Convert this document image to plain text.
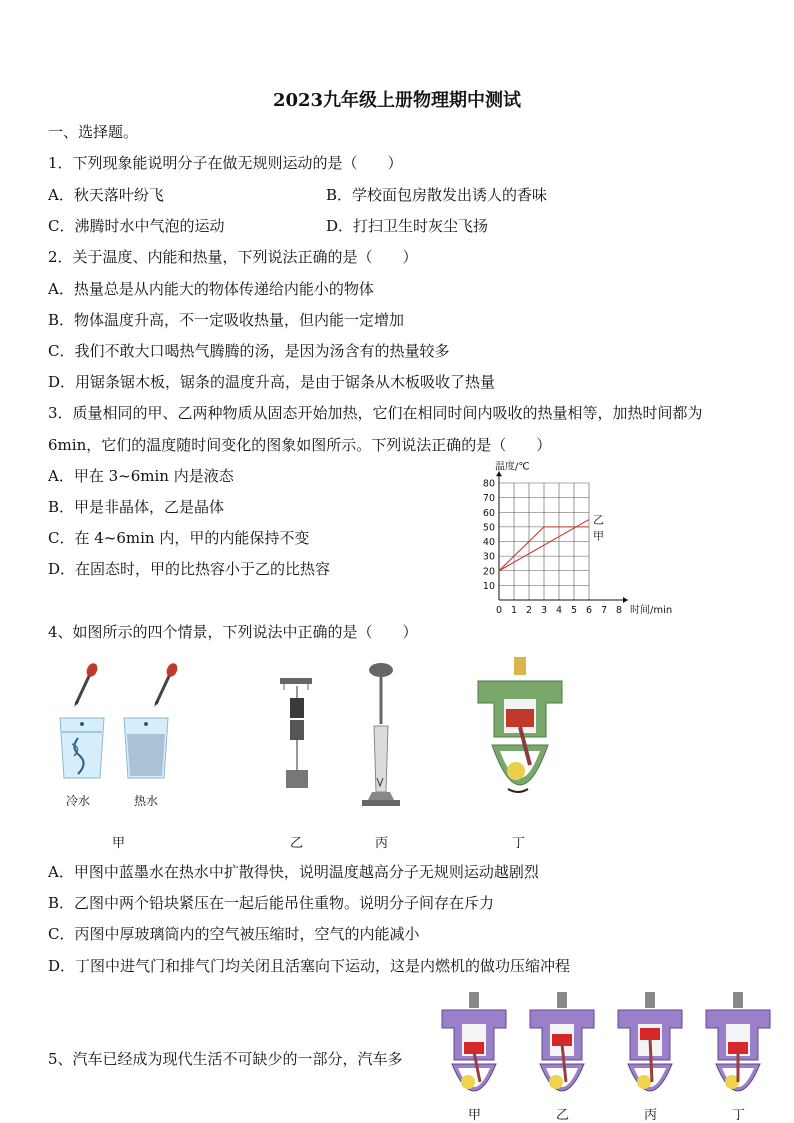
2023九年级上册物理期中测试
一、选择题。
1．下列现象能说明分子在做无规则运动的是（　　）
A．秋天落叶纷飞	B．学校面包房散发出诱人的香味
C．沸腾时水中气泡的运动	D．打扫卫生时灰尘飞扬
2．关于温度、内能和热量，下列说法正确的是（　　）
A．热量总是从内能大的物体传递给内能小的物体
B．物体温度升高，不一定吸收热量，但内能一定增加
C．我们不敢大口喝热气腾腾的汤，是因为汤含有的热量较多
D．用锯条锯木板，锯条的温度升高，是由于锯条从木板吸收了热量
3．质量相同的甲、乙两种物质从固态开始加热，它们在相同时间内吸收的热量相等，加热时间都为
6min，它们的温度随时间变化的图象如图所示。下列说法正确的是（　　）
A．甲在 3~6min 内是液态
B．甲是非晶体，乙是晶体
C．在 4~6min 内，甲的内能保持不变
D．在固态时，甲的比热容小于乙的比热容
0 1 2 3 4 5 6 7 8
10
20
30
40
50
60
70
80
温度/℃
时间/min
乙
甲
4、如图所示的四个情景，下列说法中正确的是（　　）
冷水	热水
甲	乙	丙	丁
A．甲图中蓝墨水在热水中扩散得快，说明温度越高分子无规则运动越剧烈
B．乙图中两个铅块紧压在一起后能吊住重物。说明分子间存在斥力
C．丙图中厚玻璃筒内的空气被压缩时，空气的内能减小
D．丁图中进气门和排气门均关闭且活塞向下运动，这是内燃机的做功压缩冲程
5、汽车已经成为现代生活不可缺少的一部分，汽车多
甲	乙	丙	丁
